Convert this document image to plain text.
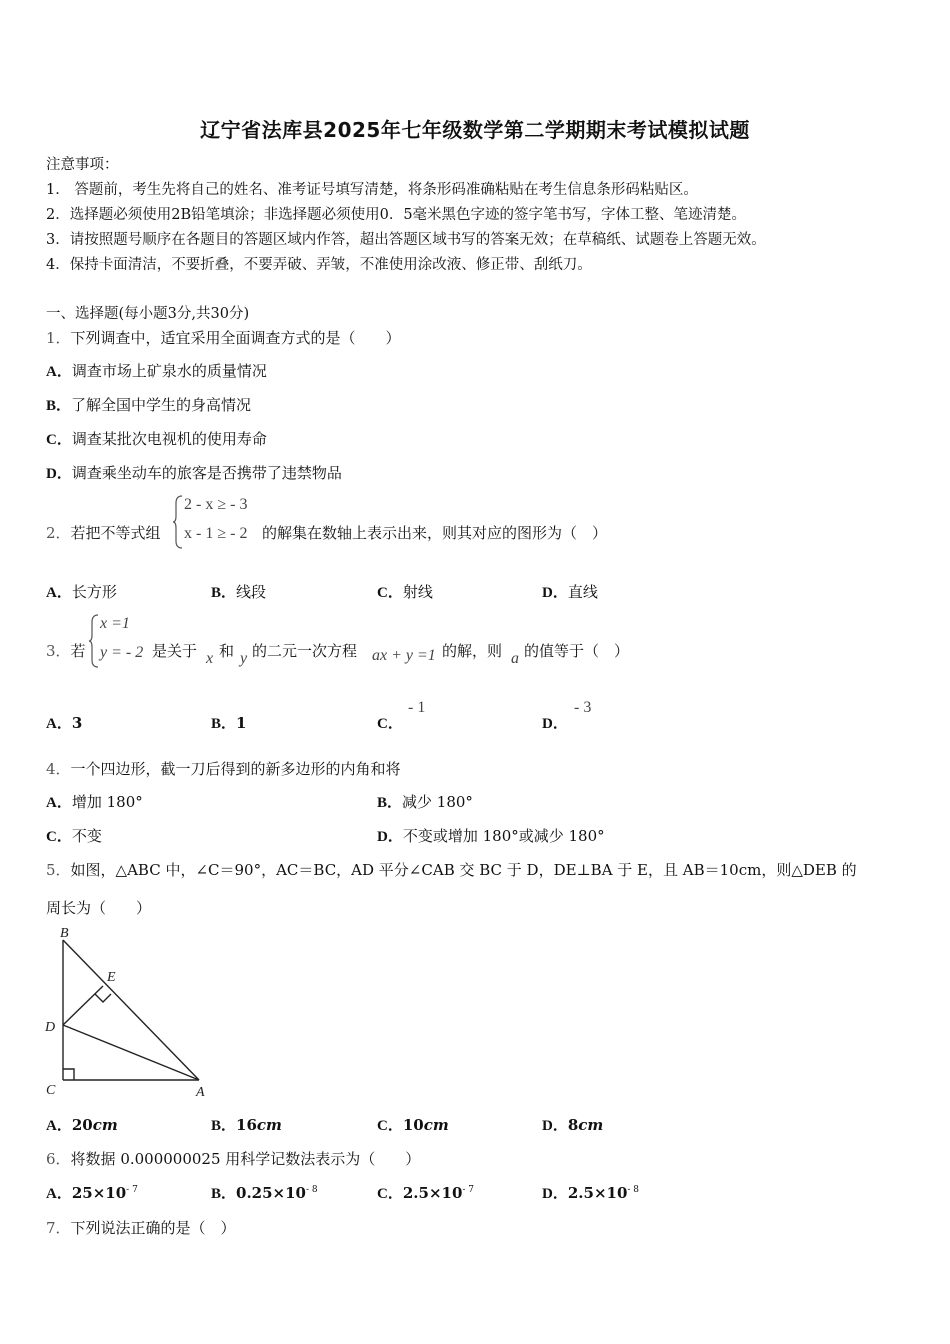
辽宁省法库县2025年七年级数学第二学期期末考试模拟试题
注意事项：
1． 答题前，考生先将自己的姓名、准考证号填写清楚，将条形码准确粘贴在考生信息条形码粘贴区。
2．选择题必须使用2B铅笔填涂；非选择题必须使用0．5毫米黑色字迹的签字笔书写，字体工整、笔迹清楚。
3．请按照题号顺序在各题目的答题区域内作答，超出答题区域书写的答案无效；在草稿纸、试题卷上答题无效。
4．保持卡面清洁，不要折叠，不要弄破、弄皱，不准使用涂改液、修正带、刮纸刀。
一、选择题(每小题3分,共30分)
1．下列调查中，适宜采用全面调查方式的是（　　）
A．调查市场上矿泉水的质量情况
B．了解全国中学生的身高情况
C．调查某批次电视机的使用寿命
D．调查乘坐动车的旅客是否携带了违禁物品
2．若把不等式组
2 - x ≥ - 3
x - 1 ≥ - 2 的解集在数轴上表示出来，则其对应的图形为（　）
A．长方形	B．线段	C．射线	D．直线
3．若
x =1
y = - 2 是关于 x 和 y 的二元一次方程 ax + y =1 的解，则 a 的值等于（　）
A．3	B．1	C．
- 1
D．
- 3
4．一个四边形，截一刀后得到的新多边形的内角和将
A．增加 180°	B．减少 180°
C．不变	D．不变或增加 180°或减少 180°
5．如图，△ABC 中，∠C＝90°，AC＝BC，AD 平分∠CAB 交 BC 于 D，DE⊥BA 于 E，且 AB＝10cm，则△DEB 的
周长为（　　）
B
E
D
C	A
A．20cm	B．16cm	C．10cm	D．8cm
6．将数据 0.000000025 用科学记数法表示为（　　）
A．$25\times 10^{- 7}$	B．$0.25\times 10^{- 8}$	C．$2.5\times 10^{- 7}$	D．$2.5\times 10^{- 8}$
7．下列说法正确的是（　）
